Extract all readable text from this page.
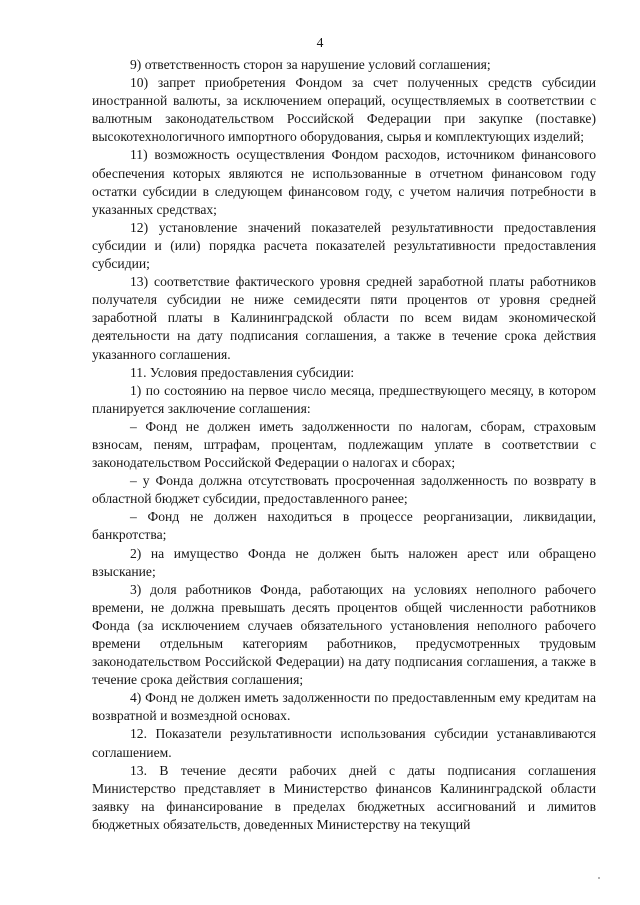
4

9) ответственность сторон за нарушение условий соглашения;

10) запрет приобретения Фондом за счет полученных средств субсидии иностранной валюты, за исключением операций, осуществляемых в соответствии с валютным законодательством Российской Федерации при закупке (поставке) высокотехнологичного импортного оборудования, сырья и комплектующих изделий;

11) возможность осуществления Фондом расходов, источником финансового обеспечения которых являются не использованные в отчетном финансовом году остатки субсидии в следующем финансовом году, с учетом наличия потребности в указанных средствах;

12) установление значений показателей результативности предоставления субсидии и (или) порядка расчета показателей результативности предоставления субсидии;

13) соответствие фактического уровня средней заработной платы работников получателя субсидии не ниже семидесяти пяти процентов от уровня средней заработной платы в Калининградской области по всем видам экономической деятельности на дату подписания соглашения, а также в течение срока действия указанного соглашения.

11. Условия предоставления субсидии:

1) по состоянию на первое число месяца, предшествующего месяцу, в котором планируется заключение соглашения:

– Фонд не должен иметь задолженности по налогам, сборам, страховым взносам, пеням, штрафам, процентам, подлежащим уплате в соответствии с законодательством Российской Федерации о налогах и сборах;

– у Фонда должна отсутствовать просроченная задолженность по возврату в областной бюджет субсидии, предоставленного ранее;

– Фонд не должен находиться в процессе реорганизации, ликвидации, банкротства;

2) на имущество Фонда не должен быть наложен арест или обращено взыскание;

3) доля работников Фонда, работающих на условиях неполного рабочего времени, не должна превышать десять процентов общей численности работников Фонда (за исключением случаев обязательного установления неполного рабочего времени отдельным категориям работников, предусмотренных трудовым законодательством Российской Федерации) на дату подписания соглашения, а также в течение срока действия соглашения;

4) Фонд не должен иметь задолженности по предоставленным ему кредитам на возвратной и возмездной основах.

12. Показатели результативности использования субсидии устанавливаются соглашением.

13. В течение десяти рабочих дней с даты подписания соглашения Министерство представляет в Министерство финансов Калининградской области заявку на финансирование в пределах бюджетных ассигнований и лимитов бюджетных обязательств, доведенных Министерству на текущий
